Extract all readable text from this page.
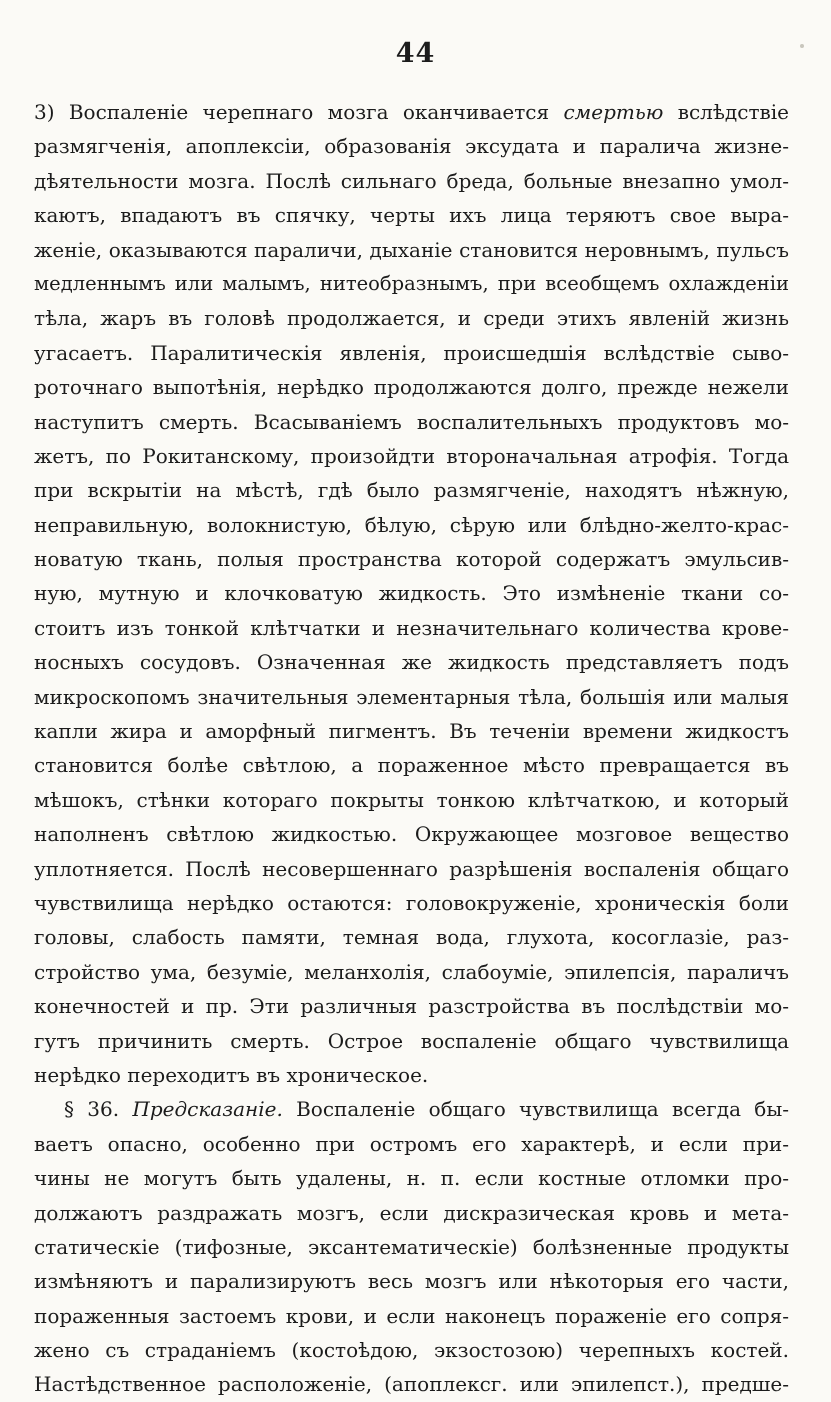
44
3) Воспаленіе черепнаго мозга оканчивается смертью вслѣдствіе
размягченія, апоплексіи, образованія эксудата и паралича жизне-
дѣятельности мозга. Послѣ сильнаго бреда, больные внезапно умол-
каютъ, впадаютъ въ спячку, черты ихъ лица теряютъ свое выра-
женіе, оказываются параличи, дыханіе становится неровнымъ, пульсъ
медленнымъ или малымъ, нитеобразнымъ, при всеобщемъ охлажденіи
тѣла, жаръ въ головѣ продолжается, и среди этихъ явленій жизнь
угасаетъ. Паралитическія явленія, происшедшія вслѣдствіе сыво-
роточнаго выпотѣнія, нерѣдко продолжаются долго, прежде нежели
наступитъ смерть. Всасываніемъ воспалительныхъ продуктовъ мо-
жетъ, по Рокитанскому, произойдти второначальная атрофія. Тогда
при вскрытіи на мѣстѣ, гдѣ было размягченіе, находятъ нѣжную,
неправильную, волокнистую, бѣлую, сѣрую или блѣдно-желто-крас-
новатую ткань, полыя пространства которой содержатъ эмульсив-
ную, мутную и клочковатую жидкость. Это измѣненіе ткани со-
стоитъ изъ тонкой клѣтчатки и незначительнаго количества крове-
носныхъ сосудовъ. Означенная же жидкость представляетъ подъ
микроскопомъ значительныя элементарныя тѣла, большія или малыя
капли жира и аморфный пигментъ. Въ теченіи времени жидкостъ
становится болѣе свѣтлою, а пораженное мѣсто превращается въ
мѣшокъ, стѣнки котораго покрыты тонкою клѣтчаткою, и который
наполненъ свѣтлою жидкостью. Окружающее мозговое вещество
уплотняется. Послѣ несовершеннаго разрѣшенія воспаленія общаго
чувствилища нерѣдко остаются: головокруженіе, хроническія боли
головы, слабость памяти, темная вода, глухота, косоглазіе, раз-
стройство ума, безуміе, меланхолія, слабоуміе, эпилепсія, параличъ
конечностей и пр. Эти различныя разстройства въ послѣдствіи мо-
гутъ причинить смерть. Острое воспаленіе общаго чувствилища
нерѣдко переходитъ въ хроническое.
§ 36. Предсказаніе. Воспаленіе общаго чувствилища всегда бы-
ваетъ опасно, особенно при остромъ его характерѣ, и если при-
чины не могутъ быть удалены, н. п. если костные отломки про-
должаютъ раздражать мозгъ, если дискразическая кровь и мета-
статическіе (тифозные, эксантематическіе) болѣзненные продукты
измѣняютъ и парализируютъ весь мозгъ или нѣкоторыя его части,
пораженныя застоемъ крови, и если наконецъ пораженіе его сопря-
жено съ страданіемъ (костоѣдою, экзостозою) черепныхъ костей.
Настѣдственное расположеніе, (апоплексг. или эпилепст.), предше-
